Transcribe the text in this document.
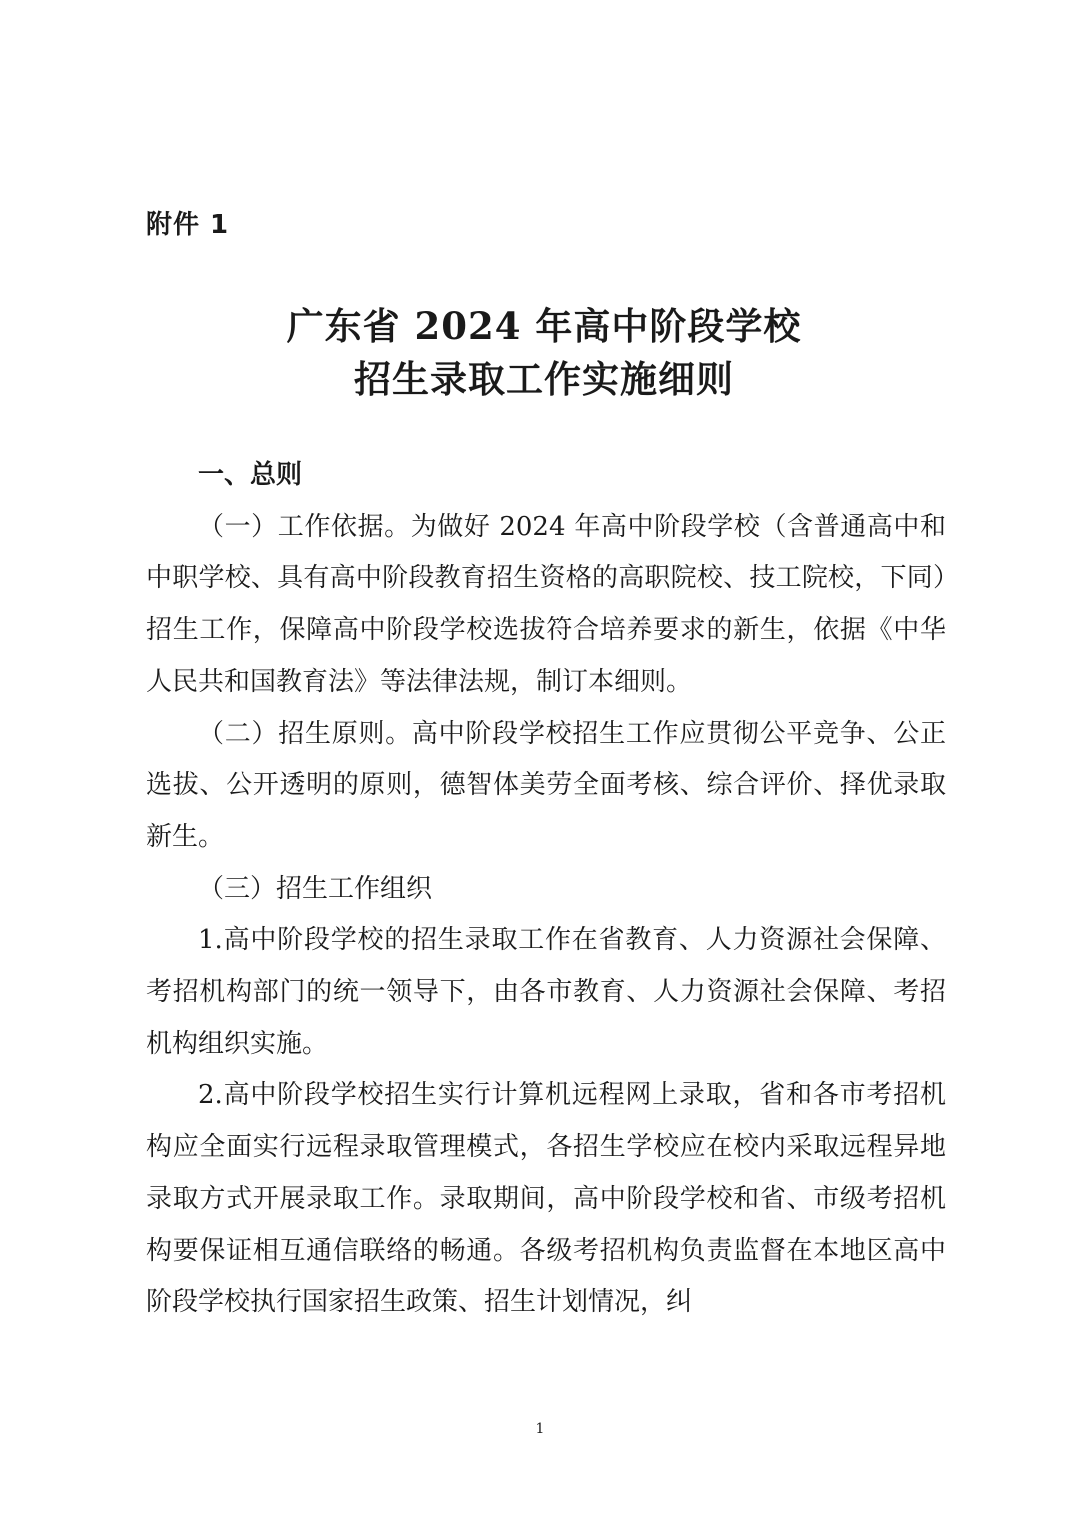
附件 1
广东省 2024 年高中阶段学校
招生录取工作实施细则

一、总则

（一）工作依据。为做好 2024 年高中阶段学校（含普通高中和中职学校、具有高中阶段教育招生资格的高职院校、技工院校，下同）招生工作，保障高中阶段学校选拔符合培养要求的新生，依据《中华人民共和国教育法》等法律法规，制订本细则。

（二）招生原则。高中阶段学校招生工作应贯彻公平竞争、公正选拔、公开透明的原则，德智体美劳全面考核、综合评价、择优录取新生。

（三）招生工作组织

1.高中阶段学校的招生录取工作在省教育、人力资源社会保障、考招机构部门的统一领导下，由各市教育、人力资源社会保障、考招机构组织实施。

2.高中阶段学校招生实行计算机远程网上录取，省和各市考招机构应全面实行远程录取管理模式，各招生学校应在校内采取远程异地录取方式开展录取工作。录取期间，高中阶段学校和省、市级考招机构要保证相互通信联络的畅通。各级考招机构负责监督在本地区高中阶段学校执行国家招生政策、招生计划情况，纠

1
